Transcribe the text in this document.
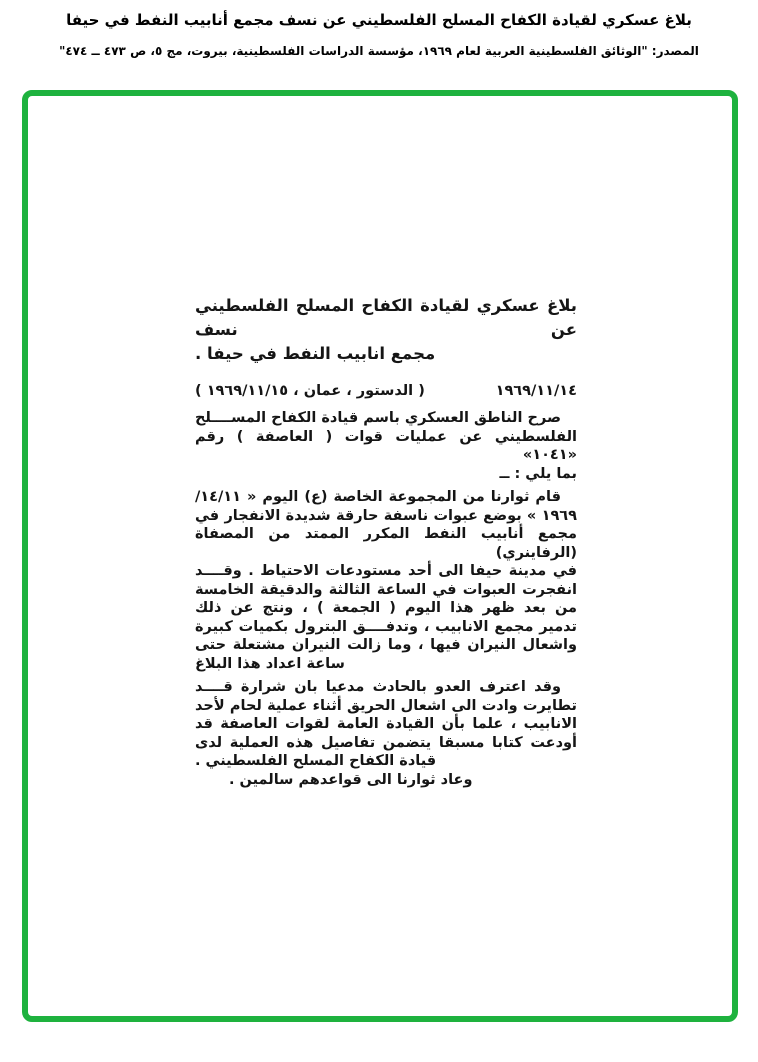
بلاغ عسكري لقيادة الكفاح المسلح الفلسطيني عن نسف مجمع أنابيب النفط في حيفا
المصدر: "الوثائق الفلسطينية العربية لعام ١٩٦٩، مؤسسة الدراسات الفلسطينية، بيروت، مج ٥، ص ٤٧٣ ــ ٤٧٤"
بلاغ عسكري لقيادة الكفاح المسلح الفلسطيني عن نسف
مجمع انابيب النفط في حيفا .
١٩٦٩/١١/١٤
( الدستور ، عمان ، ١٩٦٩/١١/١٥ )
صرح الناطق العسكري باسم قيادة الكفاح المســــلح
الفلسطيني عن عمليات قوات ( العاصفة ) رقم «١٠٤١»
بما يلي : ــ
قام ثوارنا من المجموعة الخاصة (ع) اليوم « ١٤/١١/
١٩٦٩ » بوضع عبوات ناسفة حارقة شديدة الانفجار في
مجمع أنابيب النفط المكرر الممتد من المصفاة (الرفاينري)
في مدينة حيفا الى أحد مستودعات الاحتياط . وقــــد
انفجرت العبوات في الساعة الثالثة والدقيقة الخامسة
من بعد ظهر هذا اليوم ( الجمعة ) ، ونتج عن ذلك
تدمير مجمع الانابيب ، وتدفــــق البترول بكميات كبيرة
واشعال النيران فيها ، وما زالت النيران مشتعلة حتى
ساعة اعداد هذا البلاغ
وقد اعترف العدو بالحادث مدعيا بان شرارة قــــد
تطايرت وادت الى اشعال الحريق أثناء عملية لحام لأحد
الانابيب ، علما بأن القيادة العامة لقوات العاصفة قد
أودعت كتابا مسبقا يتضمن تفاصيل هذه العملية لدى
قيادة الكفاح المسلح الفلسطيني .
وعاد ثوارنا الى قواعدهم سالمين .
